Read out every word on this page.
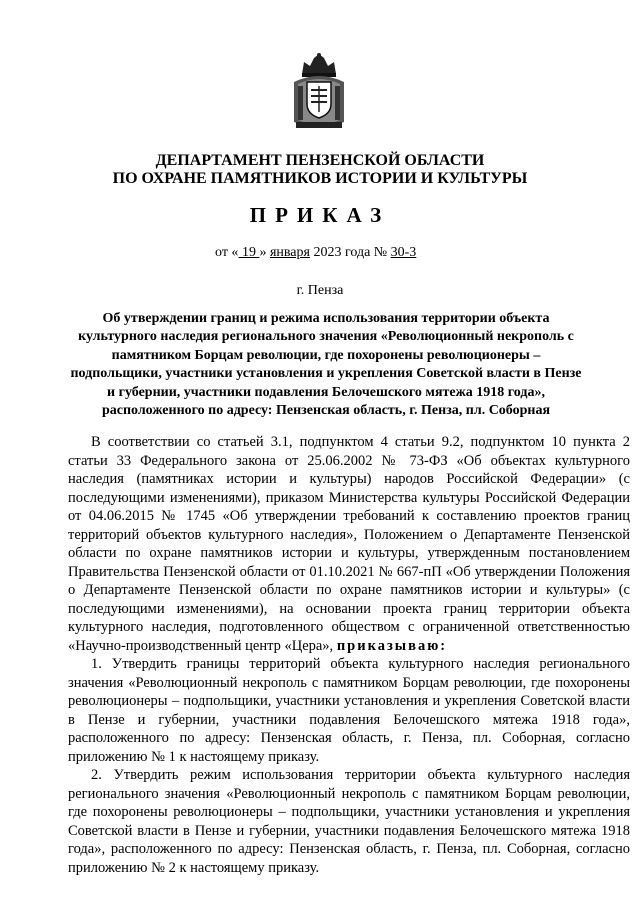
ДЕПАРТАМЕНТ ПЕНЗЕНСКОЙ ОБЛАСТИ
ПО ОХРАНЕ ПАМЯТНИКОВ ИСТОРИИ И КУЛЬТУРЫ
ПРИКАЗ
от « 19 » января 2023 года № 30-3
г. Пенза
Об утверждении границ и режима использования территории объекта культурного наследия регионального значения «Революционный некрополь с памятником Борцам революции, где похоронены революционеры – подпольщики, участники установления и укрепления Советской власти в Пензе и губернии, участники подавления Белочешского мятежа 1918 года», расположенного по адресу: Пензенская область, г. Пенза, пл. Соборная

В соответствии со статьей 3.1, подпунктом 4 статьи 9.2, подпунктом 10 пункта 2 статьи 33 Федерального закона от 25.06.2002 № 73-ФЗ «Об объектах культурного наследия (памятниках истории и культуры) народов Российской Федерации» (с последующими изменениями), приказом Министерства культуры Российской Федерации от 04.06.2015 № 1745 «Об утверждении требований к составлению проектов границ территорий объектов культурного наследия», Положением о Департаменте Пензенской области по охране памятников истории и культуры, утвержденным постановлением Правительства Пензенской области от 01.10.2021 № 667-пП «Об утверждении Положения о Департаменте Пензенской области по охране памятников истории и культуры» (с последующими изменениями), на основании проекта границ территории объекта культурного наследия, подготовленного обществом с ограниченной ответственностью «Научно-производственный центр «Цера», приказываю:

1. Утвердить границы территорий объекта культурного наследия регионального значения «Революционный некрополь с памятником Борцам революции, где похоронены революционеры – подпольщики, участники установления и укрепления Советской власти в Пензе и губернии, участники подавления Белочешского мятежа 1918 года», расположенного по адресу: Пензенская область, г. Пенза, пл. Соборная, согласно приложению № 1 к настоящему приказу.

2. Утвердить режим использования территории объекта культурного наследия регионального значения «Революционный некрополь с памятником Борцам революции, где похоронены революционеры – подпольщики, участники установления и укрепления Советской власти в Пензе и губернии, участники подавления Белочешского мятежа 1918 года», расположенного по адресу: Пензенская область, г. Пенза, пл. Соборная, согласно приложению № 2 к настоящему приказу.
